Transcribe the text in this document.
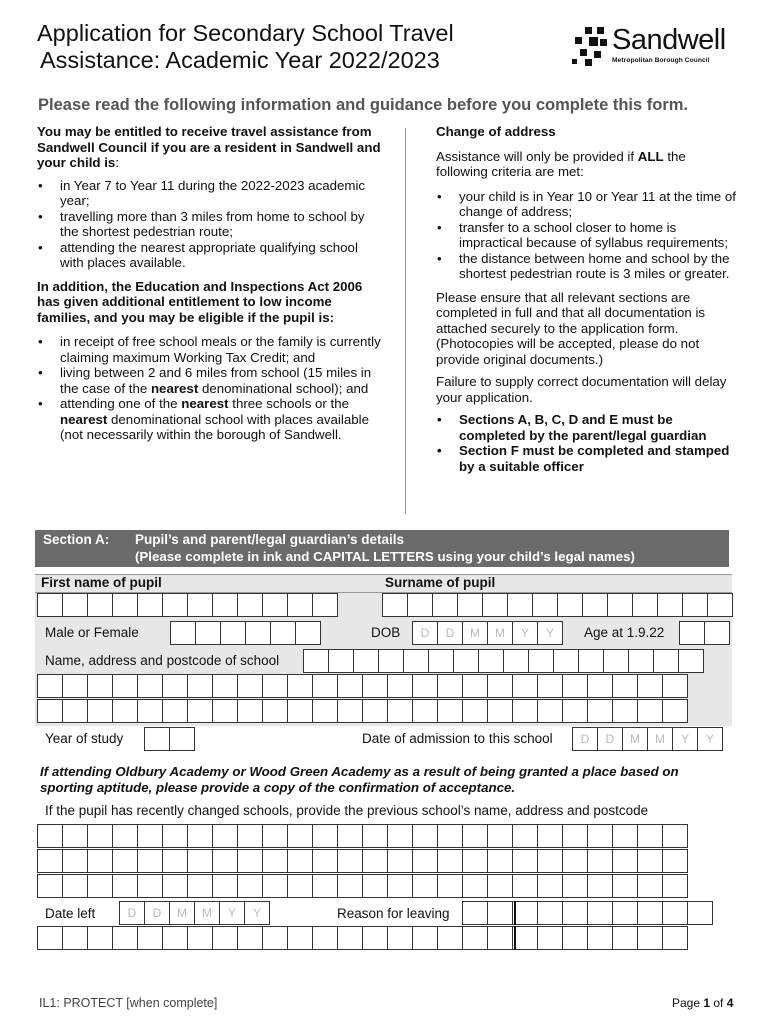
Application for Secondary School Travel
Assistance: Academic Year 2022/2023
Sandwell
Metropolitan Borough Council
Please read the following information and guidance before you complete this form.

You may be entitled to receive travel assistance from Sandwell Council if you are a resident in Sandwell and your child is:

• in Year 7 to Year 11 during the 2022-2023 academic year;
• travelling more than 3 miles from home to school by the shortest pedestrian route;
• attending the nearest appropriate qualifying school with places available.

In addition, the Education and Inspections Act 2006 has given additional entitlement to low income families, and you may be eligible if the pupil is:

• in receipt of free school meals or the family is currently claiming maximum Working Tax Credit; and
• living between 2 and 6 miles from school (15 miles in the case of the nearest denominational school); and
• attending one of the nearest three schools or the nearest denominational school with places available (not necessarily within the borough of Sandwell.

Change of address

Assistance will only be provided if ALL the following criteria are met:

• your child is in Year 10 or Year 11 at the time of change of address;
• transfer to a school closer to home is impractical because of syllabus requirements;
• the distance between home and school by the shortest pedestrian route is 3 miles or greater.

Please ensure that all relevant sections are completed in full and that all documentation is attached securely to the application form. (Photocopies will be accepted, please do not provide original documents.)

Failure to supply correct documentation will delay your application.

• Sections A, B, C, D and E must be completed by the parent/legal guardian
• Section F must be completed and stamped by a suitable officer
Section A: Pupil’s and parent/legal guardian’s details
(Please complete in ink and CAPITAL LETTERS using your child’s legal names)
First name of pupil	Surname of pupil
Male or Female	DOB	D	D	M	M	Y	Y	Age at 1.9.22
Name, address and postcode of school
Year of study	Date of admission to this school	D	D	M	M	Y	Y
If attending Oldbury Academy or Wood Green Academy as a result of being granted a place based on sporting aptitude, please provide a copy of the confirmation of acceptance.
If the pupil has recently changed schools, provide the previous school’s name, address and postcode
Date left	D	D	M	M	Y	Y	Reason for leaving
IL1: PROTECT [when complete]	Page 1 of 4
